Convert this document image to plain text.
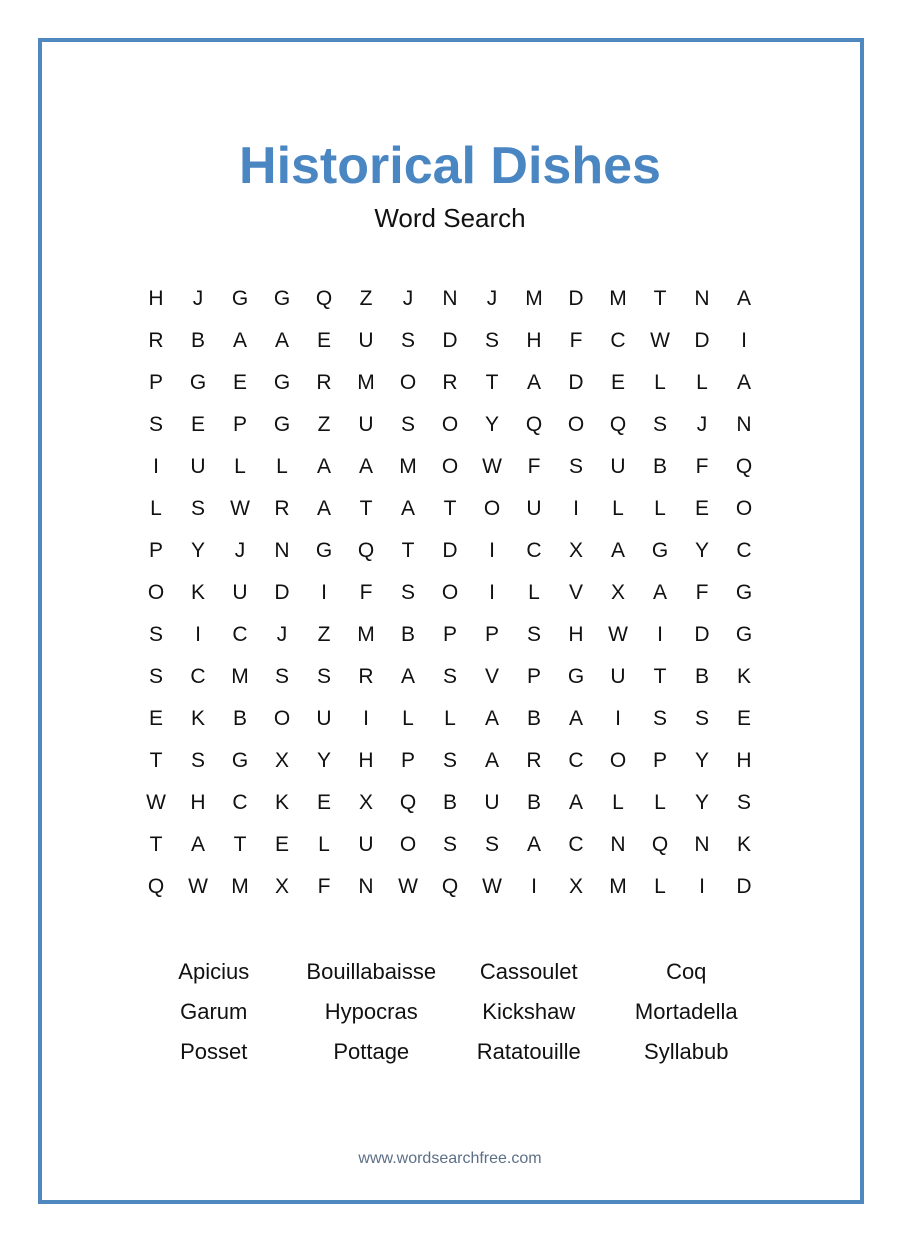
Historical Dishes
Word Search
H	J	G	G	Q	Z	J	N	J	M	D	M	T	N	A
R	B	A	A	E	U	S	D	S	H	F	C	W	D	I
P	G	E	G	R	M	O	R	T	A	D	E	L	L	A
S	E	P	G	Z	U	S	O	Y	Q	O	Q	S	J	N
I	U	L	L	A	A	M	O	W	F	S	U	B	F	Q
L	S	W	R	A	T	A	T	O	U	I	L	L	E	O
P	Y	J	N	G	Q	T	D	I	C	X	A	G	Y	C
O	K	U	D	I	F	S	O	I	L	V	X	A	F	G
S	I	C	J	Z	M	B	P	P	S	H	W	I	D	G
S	C	M	S	S	R	A	S	V	P	G	U	T	B	K
E	K	B	O	U	I	L	L	A	B	A	I	S	S	E
T	S	G	X	Y	H	P	S	A	R	C	O	P	Y	H
W	H	C	K	E	X	Q	B	U	B	A	L	L	Y	S
T	A	T	E	L	U	O	S	S	A	C	N	Q	N	K
Q	W	M	X	F	N	W	Q	W	I	X	M	L	I	D
Apicius	Bouillabaisse	Cassoulet	Coq
Garum	Hypocras	Kickshaw	Mortadella
Posset	Pottage	Ratatouille	Syllabub
www.wordsearchfree.com
